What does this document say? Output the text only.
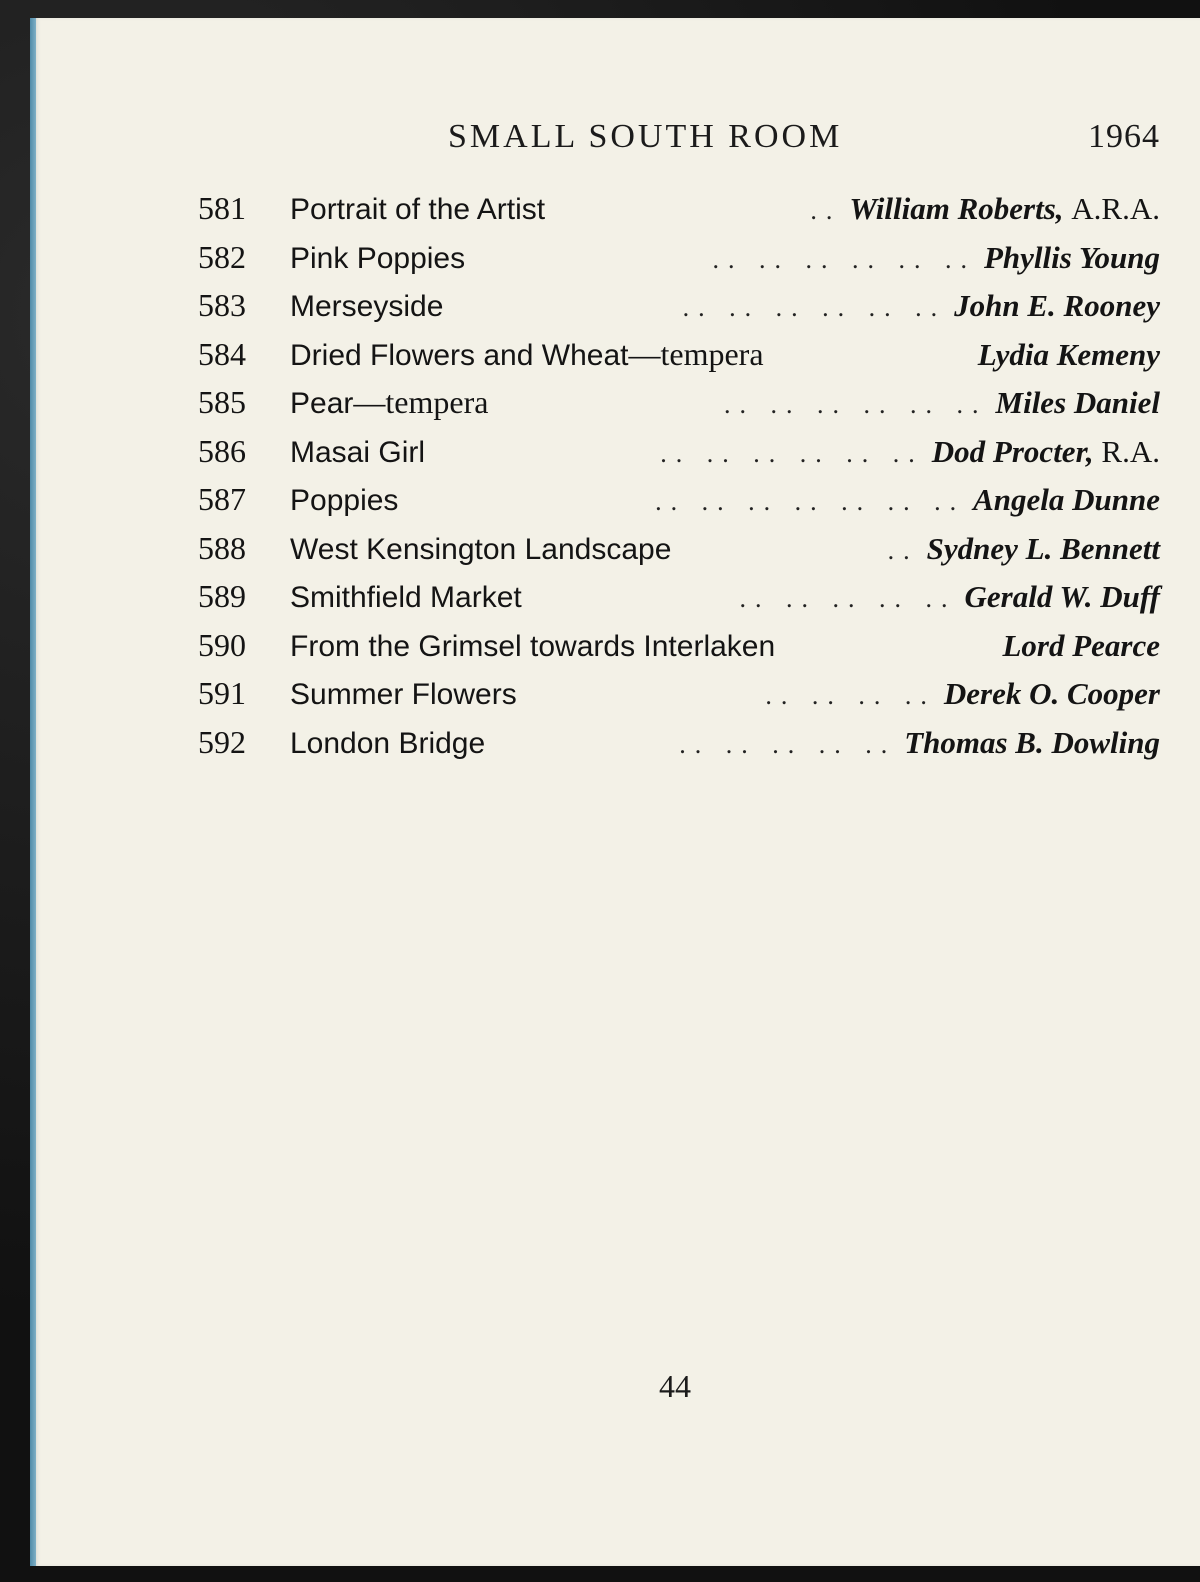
SMALL SOUTH ROOM	1964
581	Portrait of the Artist	.. William Roberts, A.R.A.
582	Pink Poppies	.. .. .. .. .. .. Phyllis Young
583	Merseyside	.. .. .. .. .. .. John E. Rooney
584	Dried Flowers and Wheat—tempera	Lydia Kemeny
585	Pear—tempera	.. .. .. .. .. .. Miles Daniel
586	Masai Girl	.. .. .. .. .. .. Dod Procter, R.A.
587	Poppies	.. .. .. .. .. .. .. Angela Dunne
588	West Kensington Landscape	.. Sydney L. Bennett
589	Smithfield Market	.. .. .. .. .. Gerald W. Duff
590	From the Grimsel towards Interlaken	Lord Pearce
591	Summer Flowers	.. .. .. .. Derek O. Cooper
592	London Bridge	.. .. .. .. .. Thomas B. Dowling
44
